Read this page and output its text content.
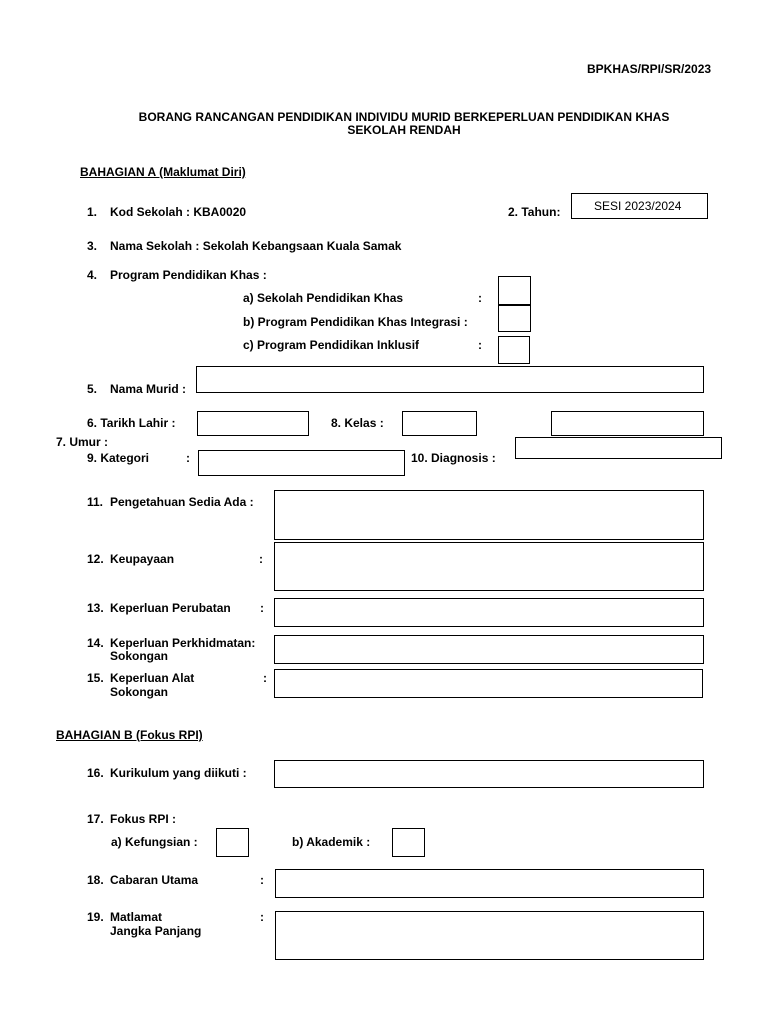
BPKHAS/RPI/SR/2023
BORANG RANCANGAN PENDIDIKAN INDIVIDU MURID BERKEPERLUAN PENDIDIKAN KHAS
SEKOLAH RENDAH
BAHAGIAN A (Maklumat Diri)
1. Kod Sekolah : KBA0020	2. Tahun:	SESI 2023/2024
3. Nama Sekolah : Sekolah Kebangsaan Kuala Samak
4. Program Pendidikan Khas :
a) Sekolah Pendidikan Khas	:
b) Program Pendidikan Khas Integrasi :
c) Program Pendidikan Inklusif	:
5. Nama Murid :
6. Tarikh Lahir :	8. Kelas :
7. Umur :
9. Kategori	:	10. Diagnosis :
11. Pengetahuan Sedia Ada :
12. Keupayaan	:
13. Keperluan Perubatan :
14. Keperluan Perkhidmatan:
Sokongan
15. Keperluan Alat
Sokongan
:
BAHAGIAN B (Fokus RPI)
16. Kurikulum yang diikuti :
17. Fokus RPI :
a) Kefungsian :	b) Akademik :
18. Cabaran Utama	:
19. Matlamat
Jangka Panjang
:
